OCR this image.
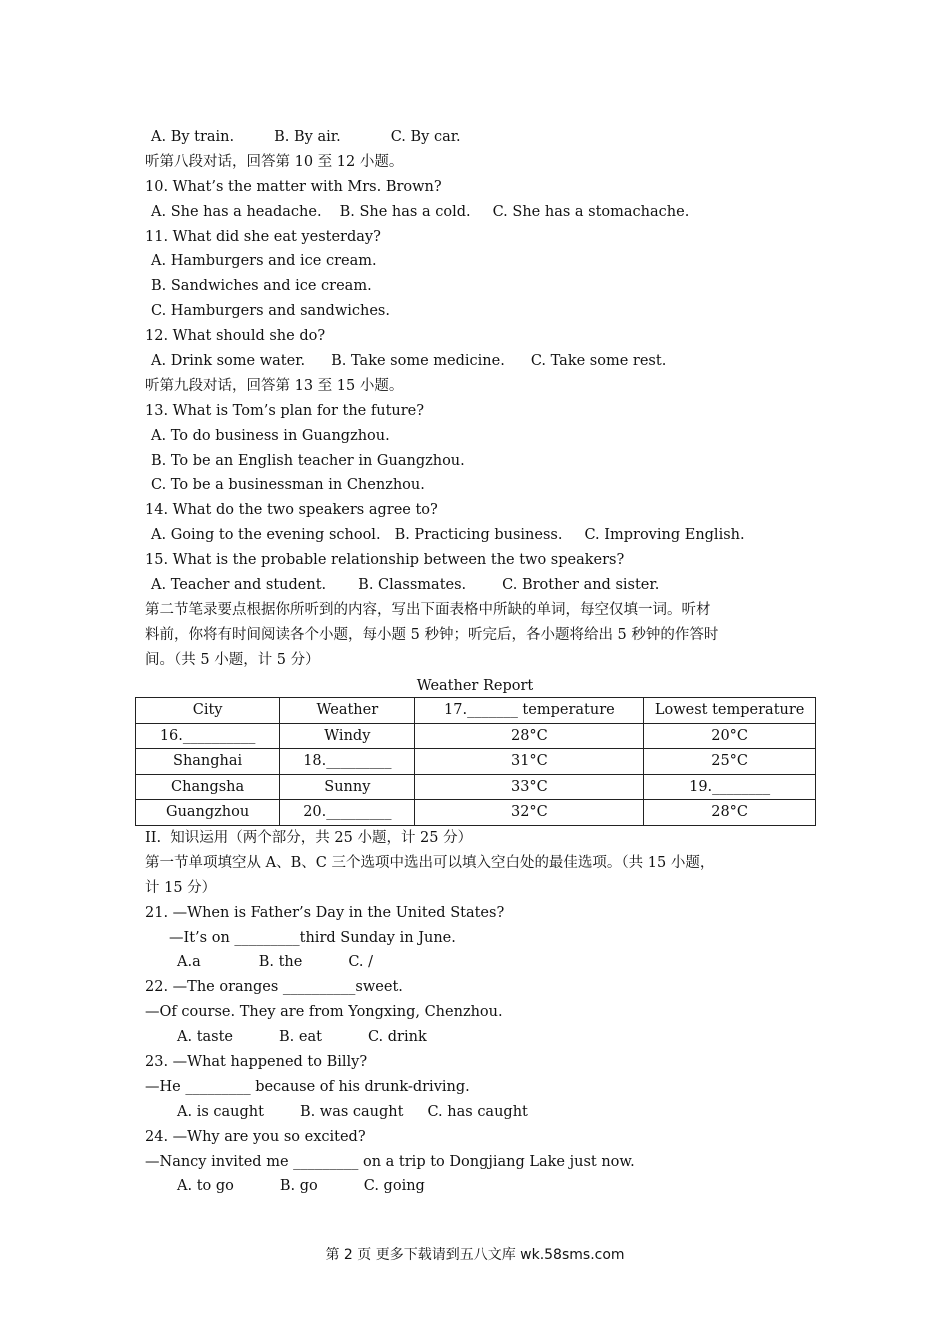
A. By train.	B. By air.	C. By car.
听第八段对话，回答第 10 至 12 小题。
10. What’s the matter with Mrs. Brown?
A. She has a headache. B. She has a cold. C. She has a stomachache.
11. What did she eat yesterday?
A. Hamburgers and ice cream.
B. Sandwiches and ice cream.
C. Hamburgers and sandwiches.
12. What should she do?
A. Drink some water. B. Take some medicine. C. Take some rest.
听第九段对话，回答第 13 至 15 小题。
13. What is Tom’s plan for the future?
A. To do business in Guangzhou.
B. To be an English teacher in Guangzhou.
C. To be a businessman in Chenzhou.
14. What do the two speakers agree to?
A. Going to the evening school. B. Practicing business. C. Improving English.
15. What is the probable relationship between the two speakers?
A. Teacher and student. B. Classmates. C. Brother and sister.
第二节笔录要点根据你所听到的内容，写出下面表格中所缺的单词，每空仅填一词。听材
料前，你将有时间阅读各个小题，每小题 5 秒钟；听完后，各小题将给出 5 秒钟的作答时
间。（共 5 小题，计 5 分）
Weather Report
City	Weather	17._______ temperature	Lowest temperature
16.__________	Windy	28°C	20°C
Shanghai	18._________	31°C	25°C
Changsha	Sunny	33°C	19.________
Guangzhou	20._________	32°C	28°C
II.  知识运用（两个部分，共 25 小题，计 25 分）
第一节单项填空从 A、B、C 三个选项中选出可以填入空白处的最佳选项。（共 15 小题，
计 15 分）
21. —When is Father’s Day in the United States?
—It’s on _________third Sunday in June.
A.a	B. the	C. /
22. —The oranges __________sweet.
—Of course. They are from Yongxing, Chenzhou.
A. taste	B. eat	C. drink
23. —What happened to Billy?
—He _________ because of his drunk-driving.
A. is caught B. was caught C. has caught
24. —Why are you so excited?
—Nancy invited me _________ on a trip to Dongjiang Lake just now.
A. to go	B. go	C. going
第 2 页 更多下载请到五八文库 wk.58sms.com
